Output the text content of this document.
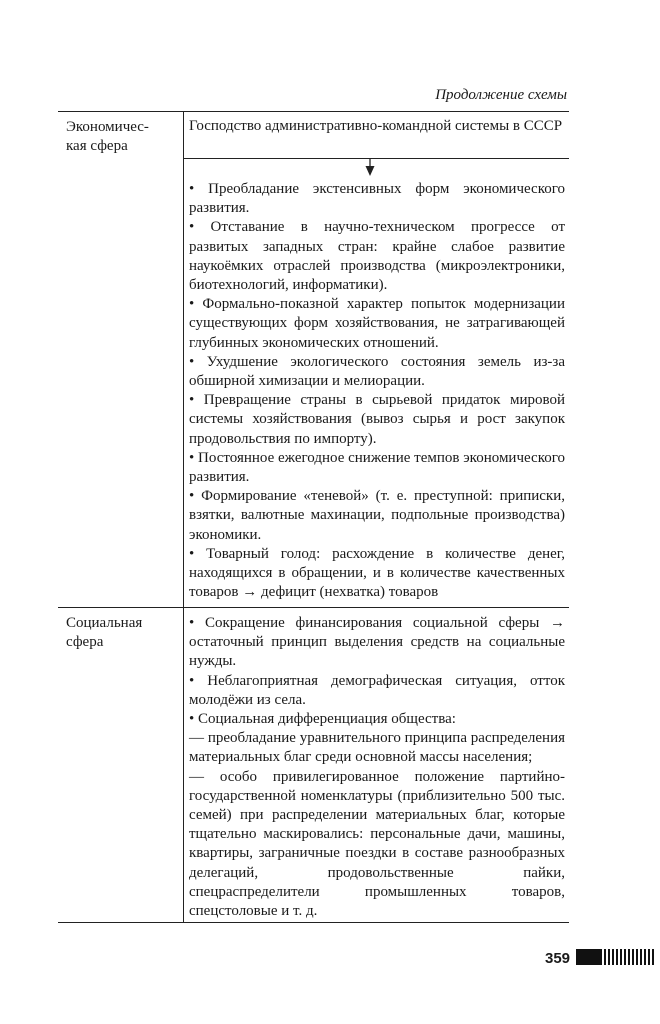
Продолжение схемы

Экономичес-
кая сфера
Господство административно-командной системы в СССР

• Преобладание экстенсивных форм экономического развития.

• Отставание в научно-техническом прогрессе от развитых западных стран: крайне слабое развитие наукоёмких отраслей производства (микроэлектроники, биотехнологий, информатики).

• Формально-показной характер попыток модернизации существующих форм хозяйствования, не затрагивающей глубинных экономических отношений.

• Ухудшение экологического состояния земель из-за обширной химизации и мелиорации.

• Превращение страны в сырьевой придаток мировой системы хозяйствования (вывоз сырья и рост закупок продовольствия по импорту).

• Постоянное ежегодное снижение темпов экономического развития.

• Формирование «теневой» (т. е. преступной: приписки, взятки, валютные махинации, подпольные производства) экономики.

• Товарный голод: расхождение в количестве денег, находящихся в обращении, и в количестве качественных товаров → дефицит (нехватка) товаров

Социальная
сфера

• Сокращение финансирования социальной сферы → остаточный принцип выделения средств на социальные нужды.

• Неблагоприятная демографическая ситуация, отток молодёжи из села.

• Социальная дифференциация общества:

— преобладание уравнительного принципа распределения материальных благ среди основной массы населения;

— особо привилегированное положение партийно-государственной номенклатуры (приблизительно 500 тыс. семей) при распределении материальных благ, которые тщательно маскировались: персональные дачи, машины, квартиры, заграничные поездки в составе разнообразных делегаций, продовольственные пайки, спецраспределители промышленных товаров, спецстоловые и т. д.

359
